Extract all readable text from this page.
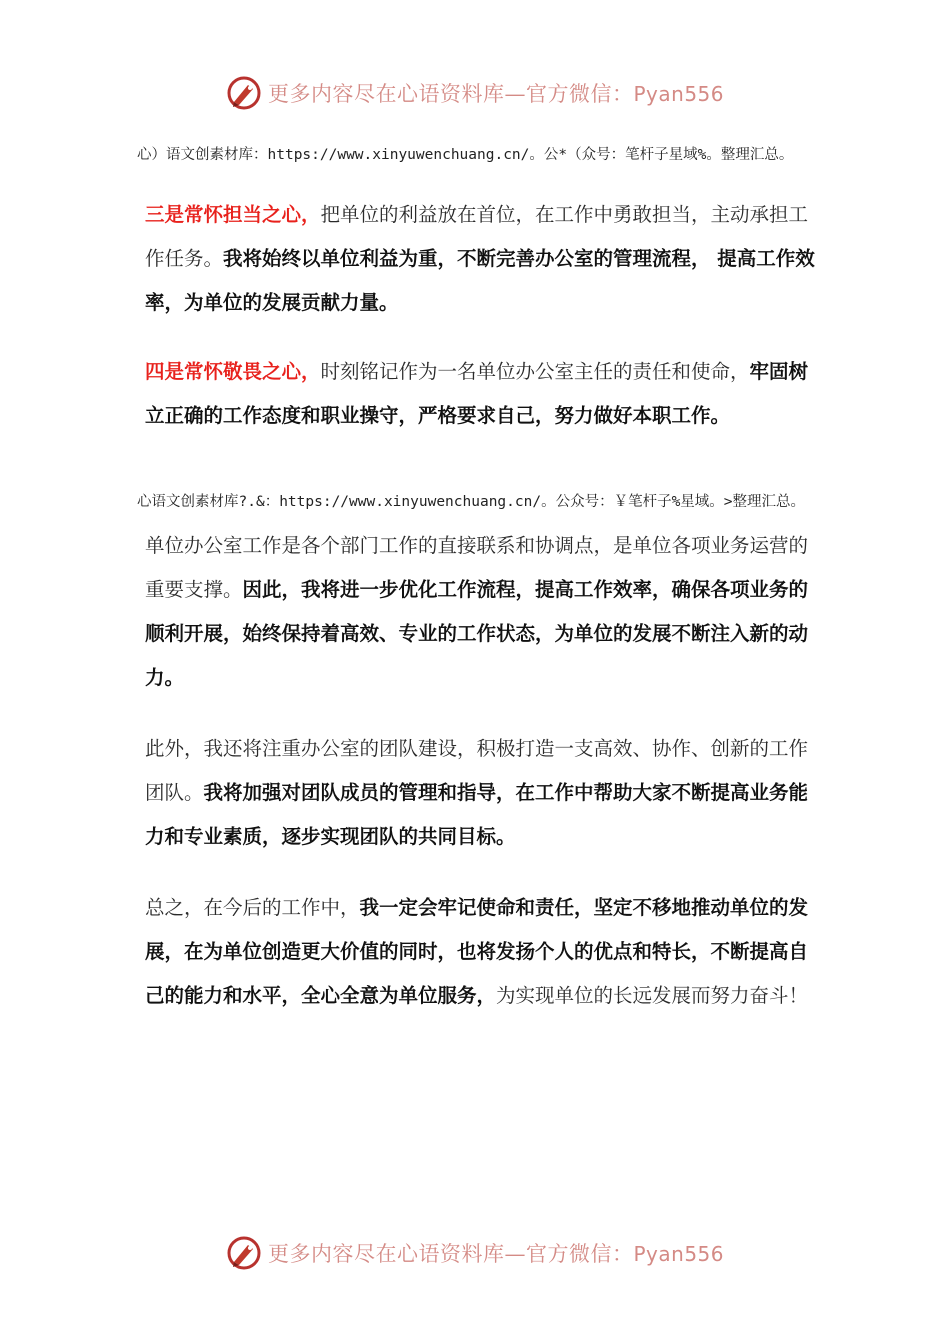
更多内容尽在心语资料库—官方微信：Pyan556
心）语文创素材库：https://www.xinyuwenchuang.cn/。公*（众号：笔杆子星域%。整理汇总。
三是常怀担当之心，把单位的利益放在首位，在工作中勇敢担当，主动承担工作任务。我将始终以单位利益为重，不断完善办公室的管理流程， 提高工作效率，为单位的发展贡献力量。
四是常怀敬畏之心，时刻铭记作为一名单位办公室主任的责任和使命，牢固树立正确的工作态度和职业操守，严格要求自己，努力做好本职工作。
心语文创素材库?.&：https://www.xinyuwenchuang.cn/。公众号：￥笔杆子%星域。>整理汇总。
单位办公室工作是各个部门工作的直接联系和协调点，是单位各项业务运营的重要支撑。因此，我将进一步优化工作流程，提高工作效率，确保各项业务的顺利开展，始终保持着高效、专业的工作状态，为单位的发展不断注入新的动力。
此外，我还将注重办公室的团队建设，积极打造一支高效、协作、创新的工作团队。我将加强对团队成员的管理和指导，在工作中帮助大家不断提高业务能力和专业素质，逐步实现团队的共同目标。
总之，在今后的工作中，我一定会牢记使命和责任，坚定不移地推动单位的发展，在为单位创造更大价值的同时，也将发扬个人的优点和特长，不断提高自己的能力和水平，全心全意为单位服务，为实现单位的长远发展而努力奋斗！
更多内容尽在心语资料库—官方微信：Pyan556
